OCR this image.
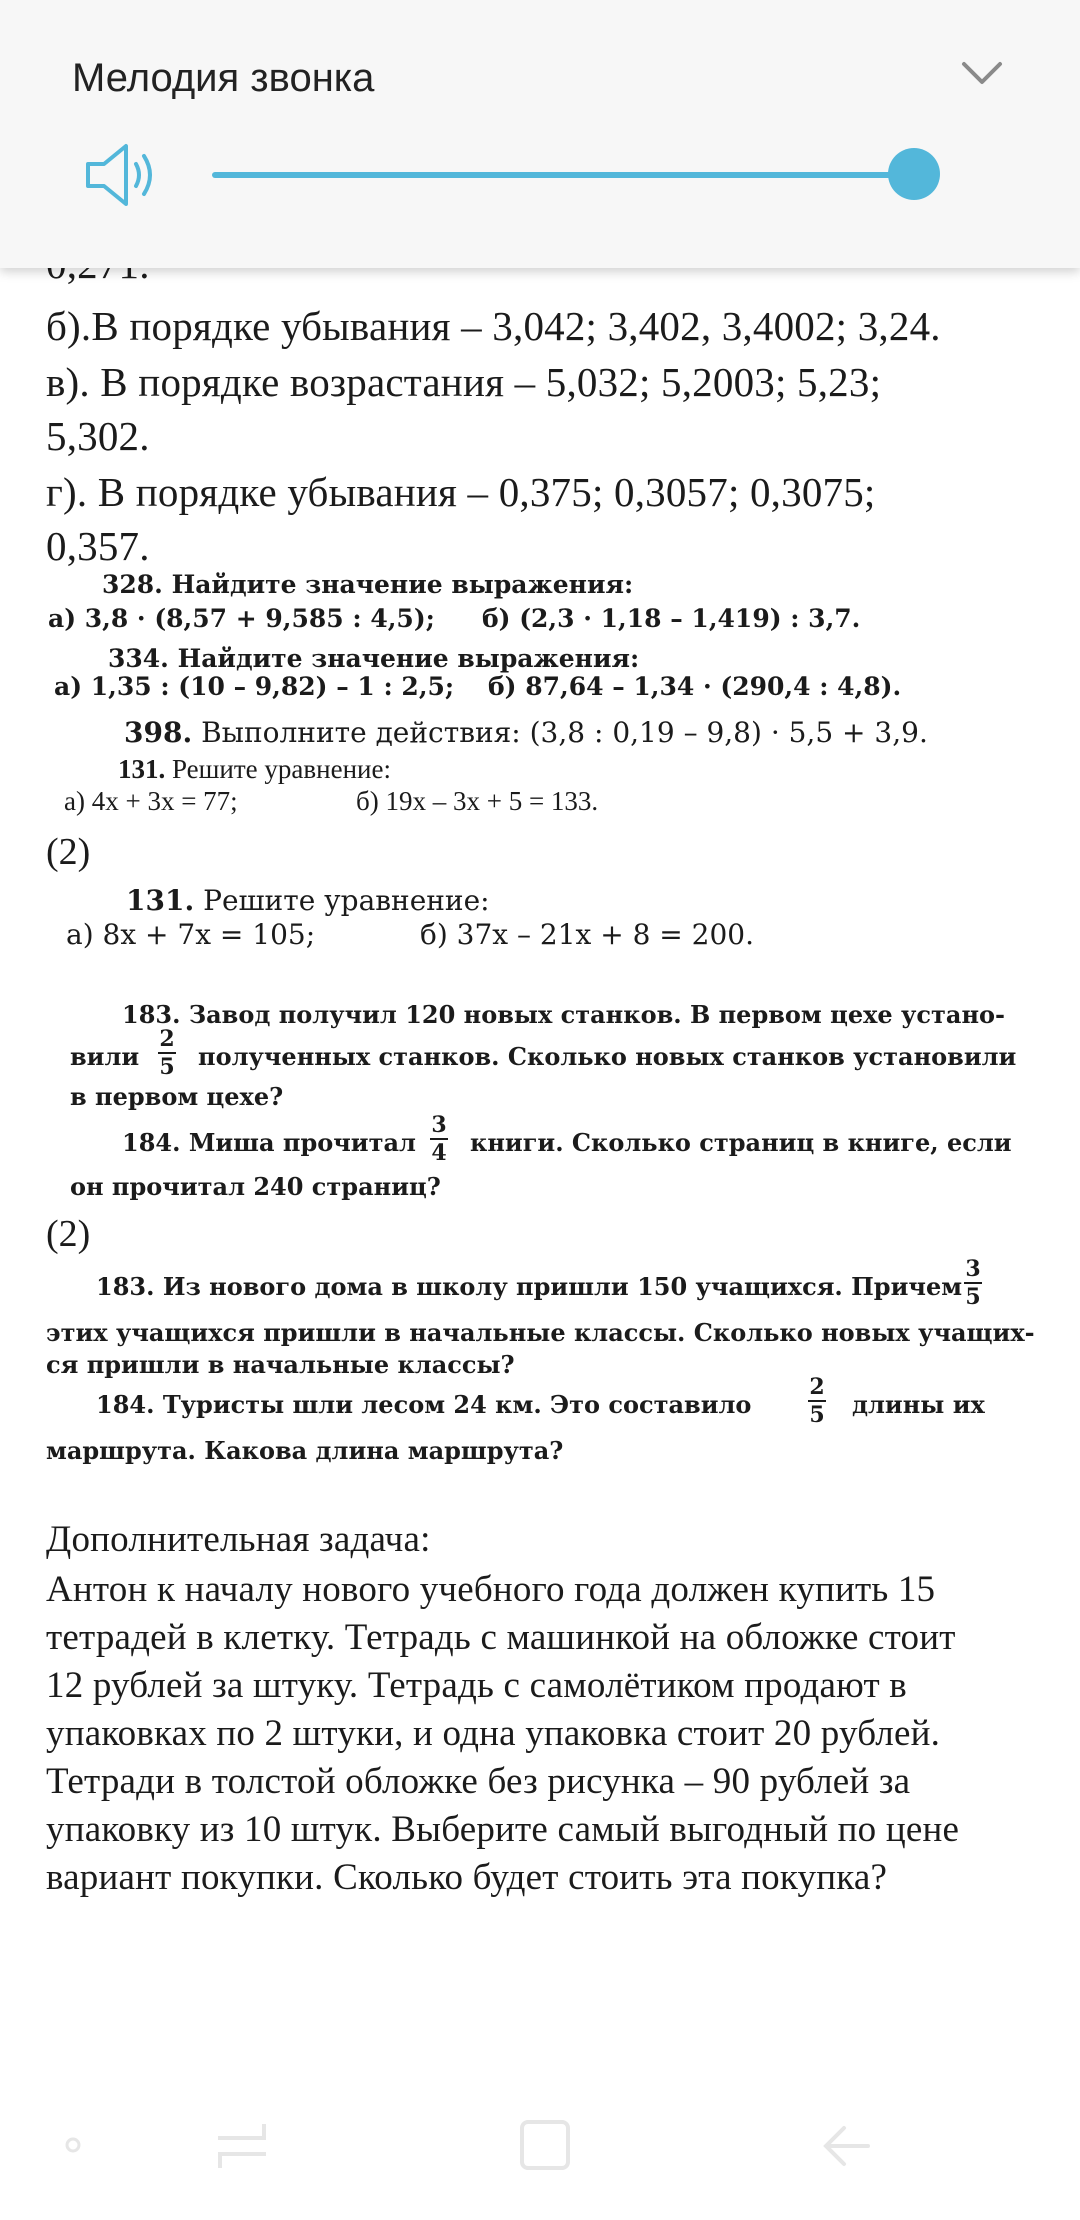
б).В порядке убывания – 3,042; 3,402, 3,4002; 3,24.
в). В порядке возрастания – 5,032; 5,2003; 5,23;
5,302.
г). В порядке убывания – 0,375; 0,3057; 0,3075;
0,357.
328. Найдите значение выражения:
а) 3,8 · (8,57 + 9,585 : 4,5); б) (2,3 · 1,18 – 1,419) : 3,7.
334. Найдите значение выражения:
а) 1,35 : (10 – 9,82) – 1 : 2,5; б) 87,64 – 1,34 · (290,4 : 4,8).
398. Выполните действия: (3,8 : 0,19 – 9,8) · 5,5 + 3,9.
131. Решите уравнение:
а) 4x + 3x = 77;	б) 19x – 3x + 5 = 133.
(2)
131. Решите уравнение:
а) 8x + 7x = 105;	б) 37x – 21x + 8 = 200.
183. Завод получил 120 новых станков. В первом цехе устано-
вили
2
5 полученных станков. Сколько новых станков установили
в первом цехе?
184. Миша прочитал
3
4 книги. Сколько страниц в книге, если
он прочитал 240 страниц?
(2)
183. Из нового дома в школу пришли 150 учащихся. Причем
3
5
этих учащихся пришли в начальные классы. Сколько новых учащих-
ся пришли в начальные классы?
184. Туристы шли лесом 24 км. Это составило
2
5 длины их
маршрута. Какова длина маршрута?
Дополнительная задача:
Антон к началу нового учебного года должен купить 15
тетрадей в клетку. Тетрадь с машинкой на обложке стоит
12 рублей за штуку. Тетрадь с самолётиком продают в
упаковках по 2 штуки, и одна упаковка стоит 20 рублей.
Тетради в толстой обложке без рисунка – 90 рублей за
упаковку из 10 штук. Выберите самый выгодный по цене
вариант покупки. Сколько будет стоить эта покупка?
Мелодия звонка
